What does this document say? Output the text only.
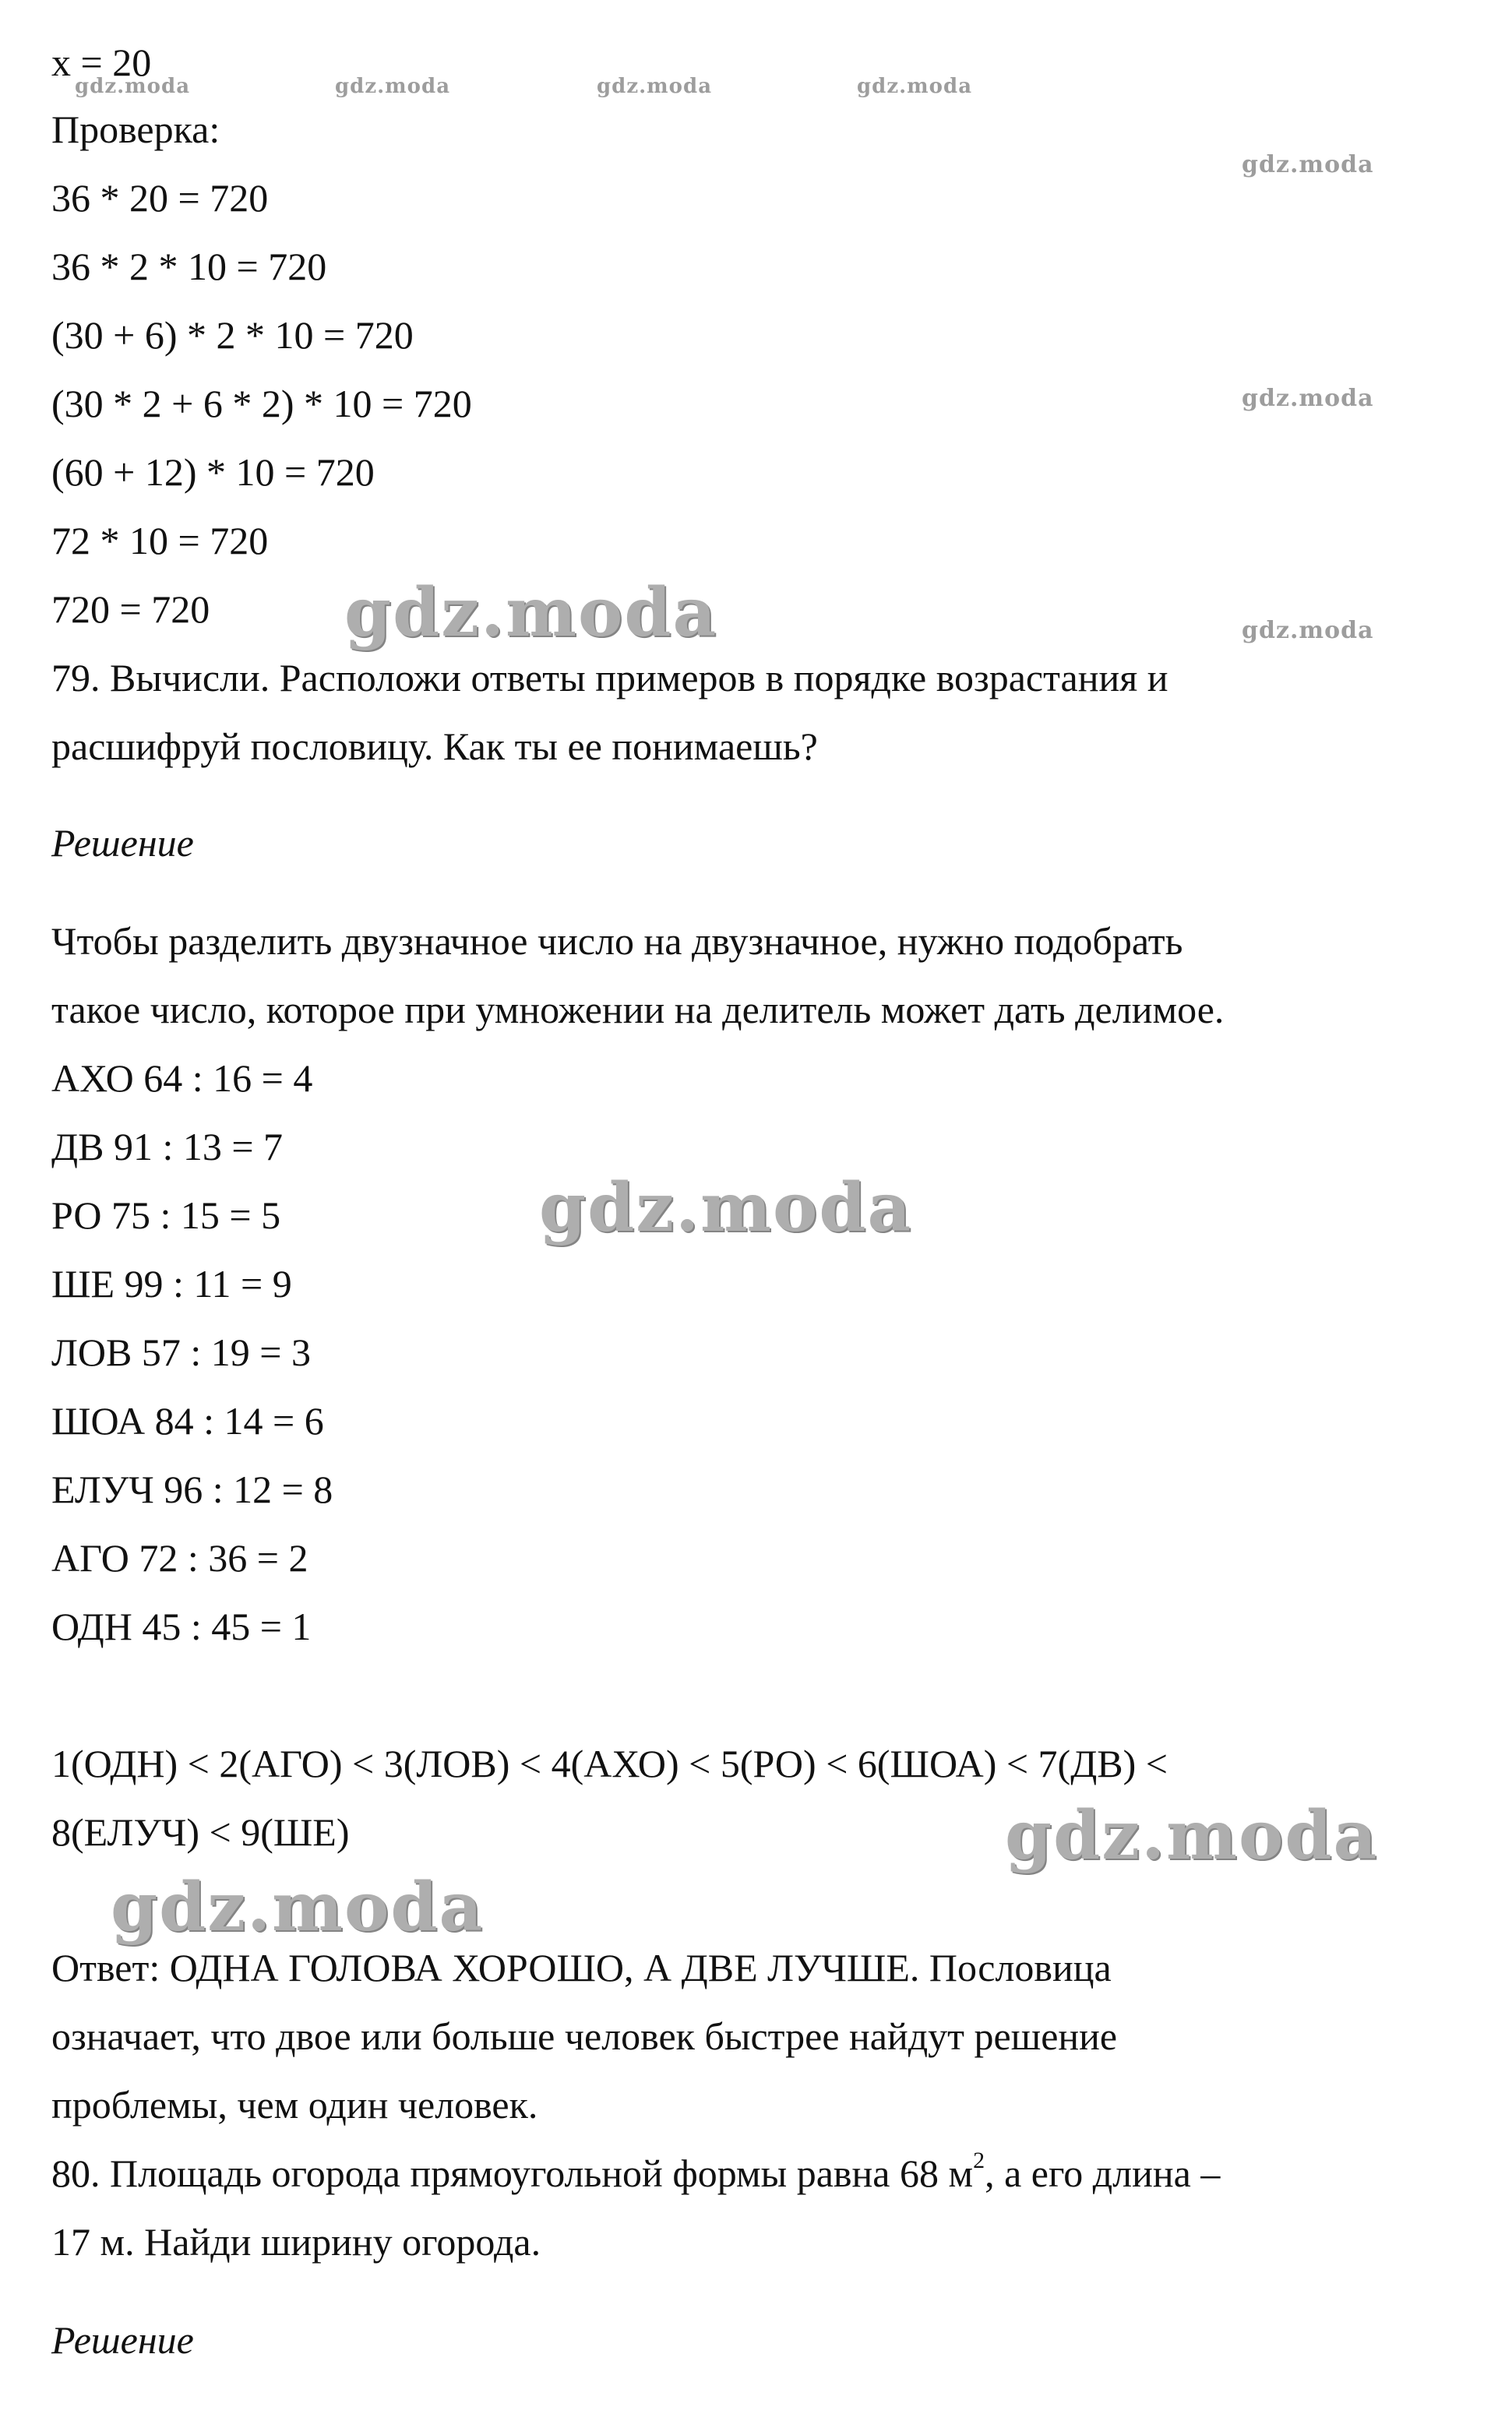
gdz.moda	gdz.moda	gdz.moda	gdz.moda
gdz.moda
gdz.moda
gdz.moda
gdz.moda
gdz.moda
gdz.moda
gdz.moda
x = 20
Проверка:
36 * 20 = 720
36 * 2 * 10 = 720
(30 + 6) * 2 * 10 = 720
(30 * 2 + 6 * 2) * 10 = 720
(60 + 12) * 10 = 720
72 * 10 = 720
720 = 720
79. Вычисли. Расположи ответы примеров в порядке возрастания и
расшифруй пословицу. Как ты ее понимаешь?
Решение
Чтобы разделить двузначное число на двузначное, нужно подобрать
такое число, которое при умножении на делитель может дать делимое.
АХО 64 : 16 = 4
ДВ 91 : 13 = 7
РО 75 : 15 = 5
ШЕ 99 : 11 = 9
ЛОВ 57 : 19 = 3
ШОА 84 : 14 = 6
ЕЛУЧ 96 : 12 = 8
АГО 72 : 36 = 2
ОДН 45 : 45 = 1
1(ОДН) < 2(АГО) < 3(ЛОВ) < 4(АХО) < 5(РО) < 6(ШОА) < 7(ДВ) <
8(ЕЛУЧ) < 9(ШЕ)
Ответ: ОДНА ГОЛОВА ХОРОШО, А ДВЕ ЛУЧШЕ. Пословица
означает, что двое или больше человек быстрее найдут решение
проблемы, чем один человек.
80. Площадь огорода прямоугольной формы равна 68 $м^2$, а его длина –
17 м. Найди ширину огорода.
Решение
